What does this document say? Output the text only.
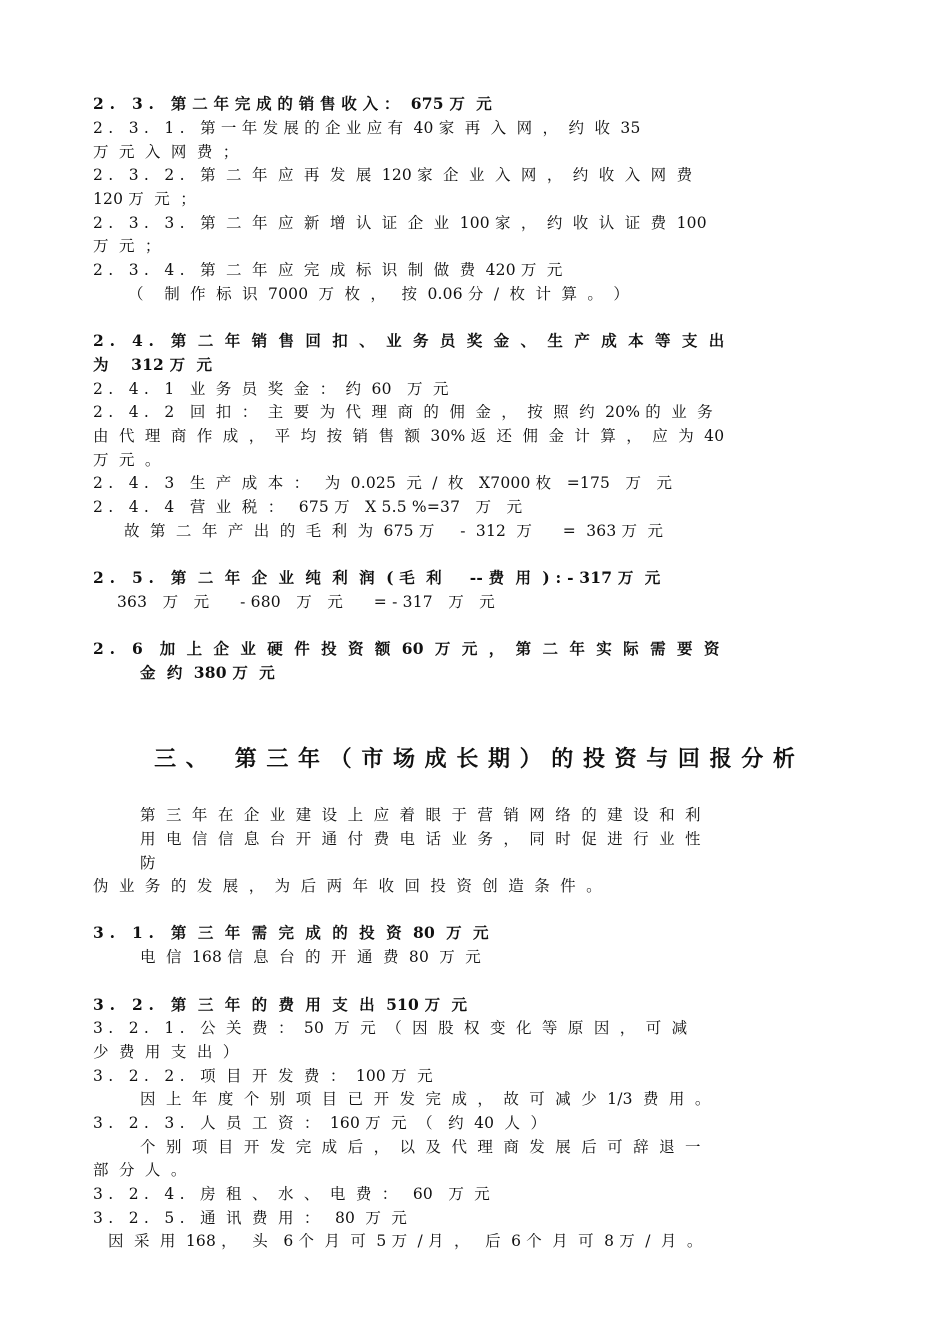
2 .   3 .   第 二 年 完 成 的 销 售 收 入 ：  675 万  元
2 .   3 .   1 .   第 一 年 发 展 的 企 业 应 有  40 家  再  入  网  ，  约  收  35
万  元  入  网  费  ；
2 .   3 .   2 .   第  二  年  应  再  发  展  120 家  企  业  入  网  ，  约  收  入  网  费
120 万  元  ；
2 .   3 .   3 .   第  二  年  应  新  增  认  证  企  业  100 家  ，  约  收  认  证  费  100
万  元  ；
2 .   3 .   4 .   第  二  年  应  完  成  标  识  制  做  费  420 万  元
（    制  作  标  识  7000  万  枚  ，   按  0.06 分  /  枚  计  算  。  ）
2 .   4 .   第  二  年  销  售  回  扣  、  业  务  员  奖  金  、  生  产  成  本  等  支  出
为    312 万  元
2 .   4 .   1   业  务  员  奖  金  ：  约  60   万  元
2 .   4 .   2   回  扣  ：  主  要  为  代  理  商  的  佣  金  ，  按  照  约  20% 的  业  务
由  代  理  商  作  成  ，  平  均  按  销  售  额  30% 返  还  佣  金  计  算  ，  应  为  40
万  元  。
2 .   4 .   3   生  产  成  本  ：   为  0.025  元  /  枚   X7000 枚   =175   万   元
2 .   4 .   4   营  业  税  ：   675 万   X 5.5 %=37   万   元
故  第  二  年  产  出  的  毛  利  为  675 万     -  312  万      =  363 万  元
2 .   5 .   第  二  年  企  业  纯  利  润  ( 毛  利     -- 费  用  ) : - 317 万  元
363   万   元      - 680   万   元      = - 317   万   元
2 .   6   加  上  企  业  硬  件  投  资  额  60  万  元  ，  第  二  年  实  际  需  要  资
金  约  380 万  元
三 、   第 三 年 （ 市 场 成 长 期 ） 的 投 资 与 回 报 分 析
第  三  年  在  企  业  建  设  上  应  着  眼  于  营  销  网  络  的  建  设  和  利
用  电  信  信  息  台  开  通  付  费  电  话  业  务  ，  同  时  促  进  行  业  性
防
伪  业  务  的  发  展  ，  为  后  两  年  收  回  投  资  创  造  条  件  。
3 .   1 .   第  三  年  需  完  成  的  投  资  80  万  元
电  信  168 信  息  台  的  开  通  费  80  万  元
3 .   2 .   第  三  年  的  费  用  支  出  510 万  元
3 .   2 .   1 .   公  关  费  ：  50  万  元  （  因  股  权  变  化  等  原  因  ，  可  减
少  费  用  支  出  ）
3 .   2 .   2 .   项  目  开  发  费  ：  100 万  元
因  上  年  度  个  别  项  目  已  开  发  完  成  ，  故  可  减  少  1/3  费  用  。
3 .   2 .   3 .   人  员  工  资  ：  160 万  元  （   约  40  人  ）
个  别  项  目  开  发  完  成  后  ，  以  及  代  理  商  发  展  后  可  辞  退  一
部  分  人  。
3 .   2 .   4 .   房  租  、  水  、  电  费  ：   60   万  元
3 .   2 .   5 .   通  讯  费  用  ：   80  万  元
因  采  用  168 ，   头   6 个  月  可  5 万  / 月  ，   后  6 个  月  可  8 万  /  月  。
